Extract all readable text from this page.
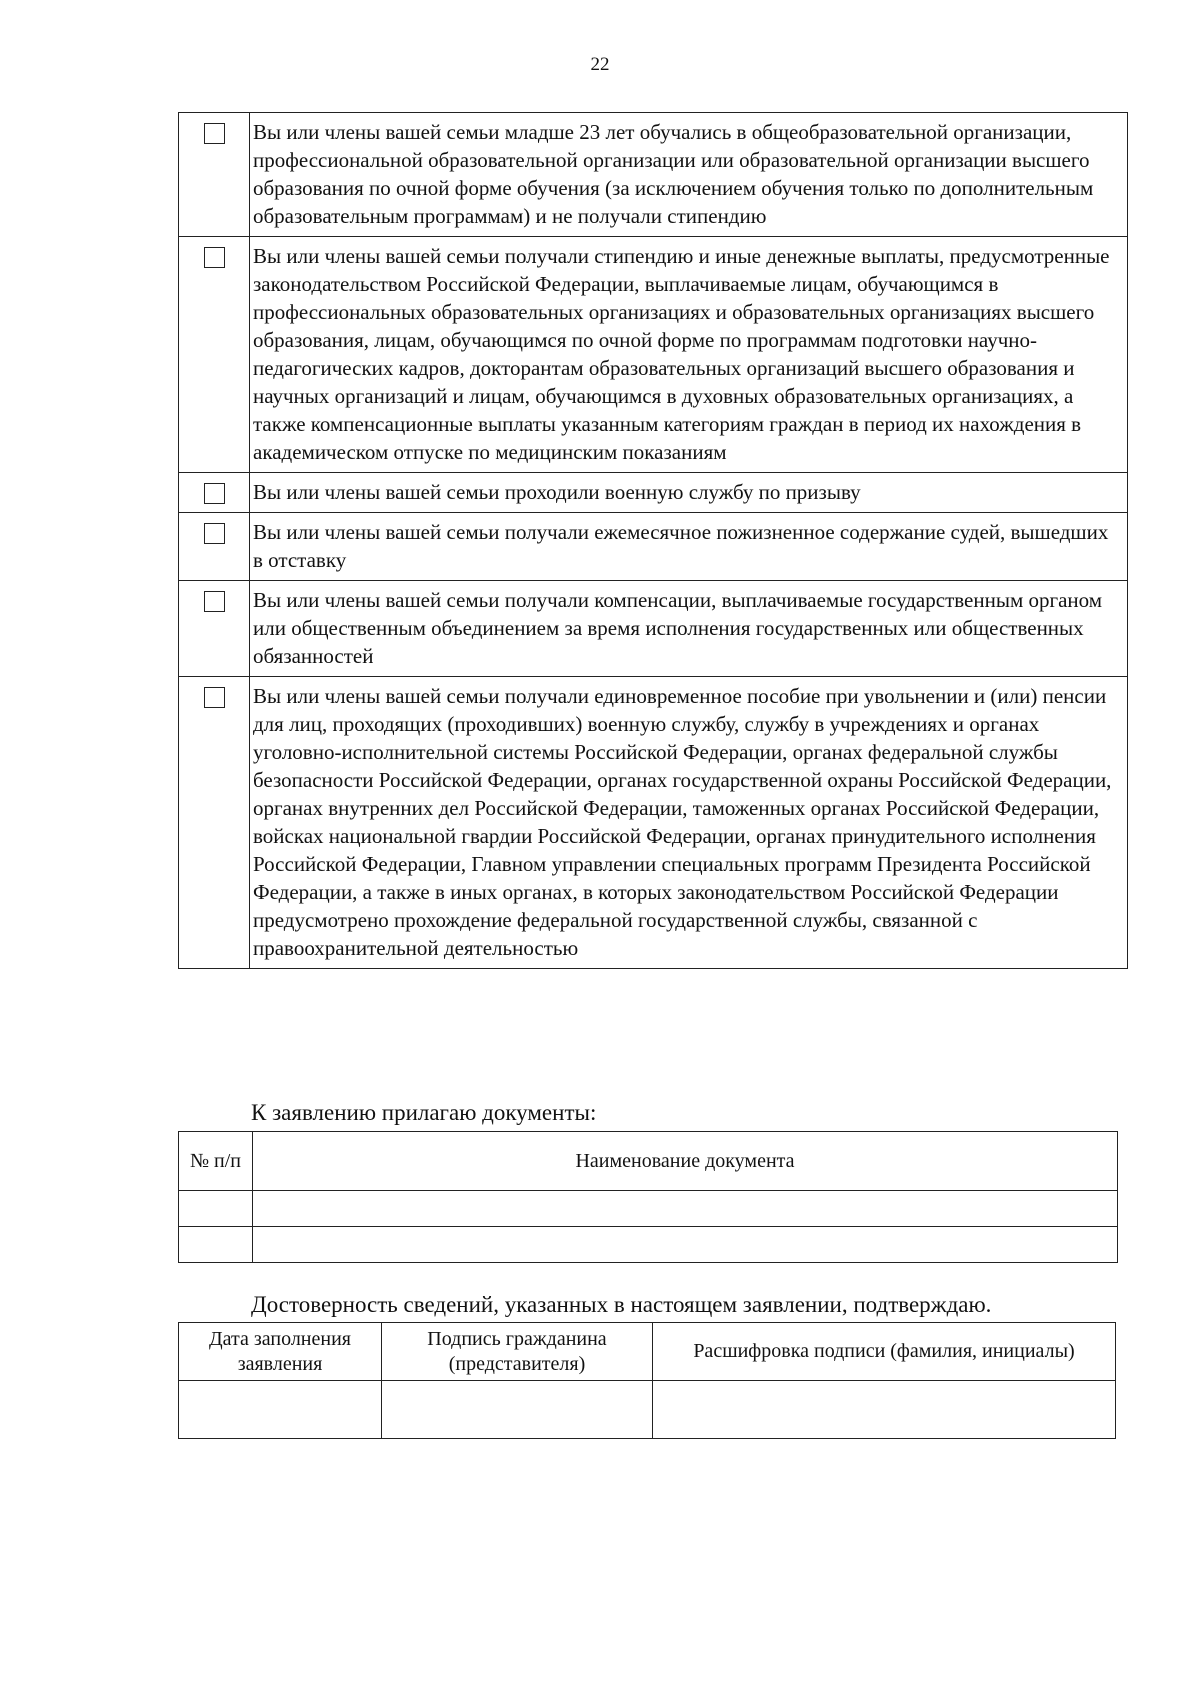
22
	Вы или члены вашей семьи младше 23 лет обучались в общеобразовательной организации, профессиональной образовательной организации или образовательной организации высшего образования по очной форме обучения (за исключением обучения только по дополнительным образовательным программам) и не получали стипендию
	Вы или члены вашей семьи получали стипендию и иные денежные выплаты, предусмотренные законодательством Российской Федерации, выплачиваемые лицам, обучающимся в профессиональных образовательных организациях и образовательных организациях высшего образования, лицам, обучающимся по очной форме по программам подготовки научно-педагогических кадров, докторантам образовательных организаций высшего образования и научных организаций и лицам, обучающимся в духовных образовательных организациях, а также компенсационные выплаты указанным категориям граждан в период их нахождения в академическом отпуске по медицинским показаниям
	Вы или члены вашей семьи проходили военную службу по призыву
	Вы или члены вашей семьи получали ежемесячное пожизненное содержание судей, вышедших в отставку
	Вы или члены вашей семьи получали компенсации, выплачиваемые государственным органом или общественным объединением за время исполнения государственных или общественных обязанностей
	Вы или члены вашей семьи получали единовременное пособие при увольнении и (или) пенсии для лиц, проходящих (проходивших) военную службу, службу в учреждениях и органах уголовно-исполнительной системы Российской Федерации, органах федеральной службы безопасности Российской Федерации, органах государственной охраны Российской Федерации, органах внутренних дел Российской Федерации, таможенных органах Российской Федерации, войсках национальной гвардии Российской Федерации, органах принудительного исполнения Российской Федерации, Главном управлении специальных программ Президента Российской Федерации, а также в иных органах, в которых законодательством Российской Федерации предусмотрено прохождение федеральной государственной службы, связанной с правоохранительной деятельностью
К заявлению прилагаю документы:
№ п/п	Наименование документа

Достоверность сведений, указанных в настоящем заявлении, подтверждаю.
Дата заполнения заявления	Подпись гражданина (представителя)	Расшифровка подписи (фамилия, инициалы)
